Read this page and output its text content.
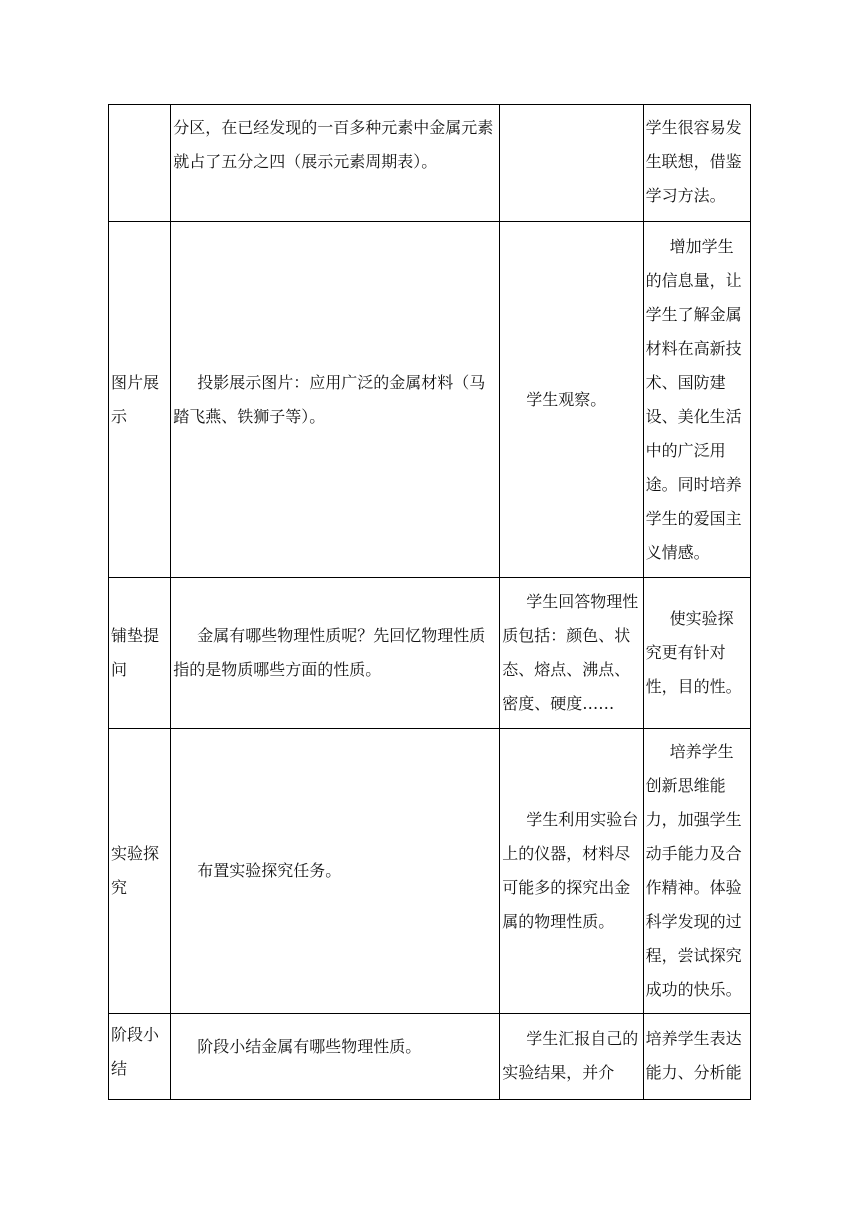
	分区，在已经发现的一百多种元素中金属元素就占了五分之四（展示元素周期表）。		学生很容易发生联想，借鉴学习方法。
图片展示	投影展示图片：应用广泛的金属材料（马踏飞燕、铁狮子等）。	学生观察。	增加学生的信息量，让学生了解金属材料在高新技术、国防建设、美化生活中的广泛用途。同时培养学生的爱国主义情感。
铺垫提问	金属有哪些物理性质呢？先回忆物理性质指的是物质哪些方面的性质。	学生回答物理性质包括：颜色、状态、熔点、沸点、密度、硬度……	使实验探究更有针对性，目的性。
实验探究	布置实验探究任务。	学生利用实验台上的仪器，材料尽可能多的探究出金属的物理性质。	培养学生创新思维能力，加强学生动手能力及合作精神。体验科学发现的过程，尝试探究成功的快乐。
阶段小结	阶段小结金属有哪些物理性质。	学生汇报自己的实验结果，并介	培养学生表达能力、分析能
